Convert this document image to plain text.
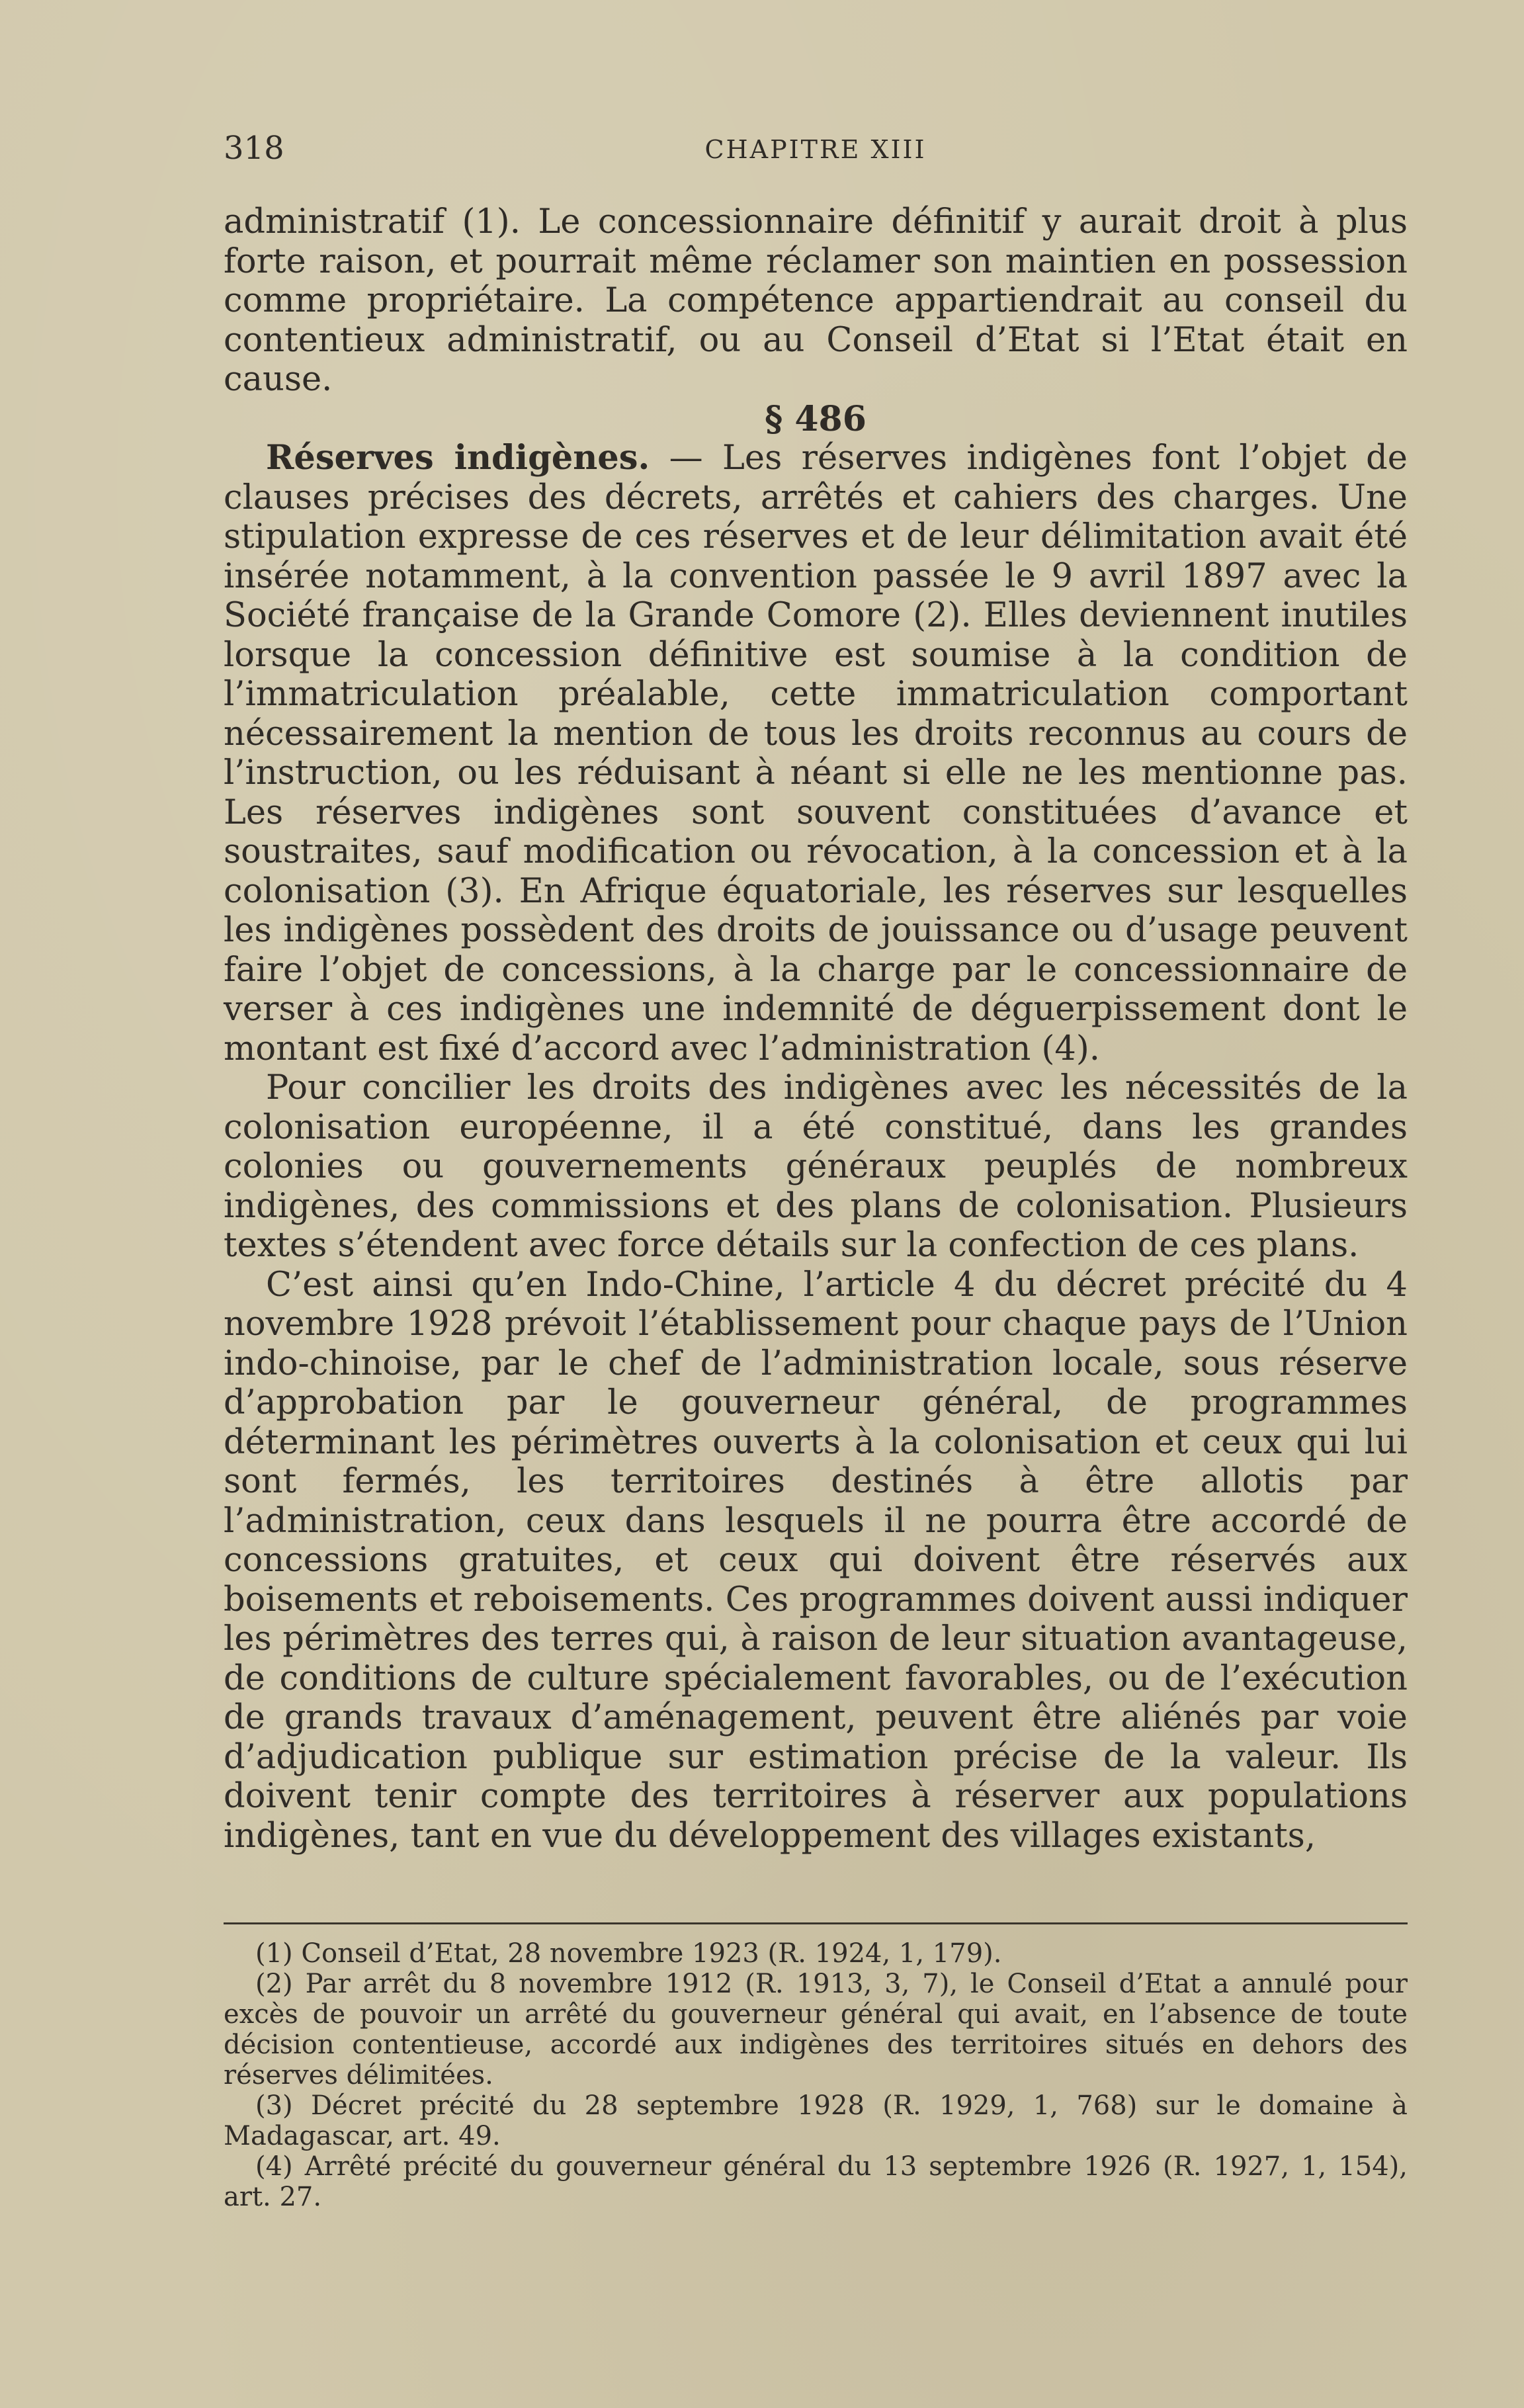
318	CHAPITRE XIII

administratif (1). Le concessionnaire définitif y aurait droit à plus forte raison, et pourrait même réclamer son maintien en possession comme propriétaire. La compétence appartiendrait au conseil du contentieux administratif, ou au Conseil d’Etat si l’Etat était en cause.

§ 486

Réserves indigènes. — Les réserves indigènes font l’objet de clauses précises des décrets, arrêtés et cahiers des charges. Une stipulation expresse de ces réserves et de leur délimitation avait été insérée notamment, à la convention passée le 9 avril 1897 avec la Société française de la Grande Comore (2). Elles deviennent inutiles lorsque la concession définitive est soumise à la condition de l’immatriculation préalable, cette immatriculation comportant nécessairement la mention de tous les droits reconnus au cours de l’instruction, ou les réduisant à néant si elle ne les mentionne pas. Les réserves indigènes sont souvent constituées d’avance et soustraites, sauf modification ou révocation, à la concession et à la colonisation (3). En Afrique équatoriale, les réserves sur lesquelles les indigènes possèdent des droits de jouissance ou d’usage peuvent faire l’objet de concessions, à la charge par le concessionnaire de verser à ces indigènes une indemnité de déguerpissement dont le montant est fixé d’accord avec l’administration (4).

Pour concilier les droits des indigènes avec les nécessités de la colonisation européenne, il a été constitué, dans les grandes colonies ou gouvernements généraux peuplés de nombreux indigènes, des commissions et des plans de colonisation. Plusieurs textes s’étendent avec force détails sur la confection de ces plans.

C’est ainsi qu’en Indo-Chine, l’article 4 du décret précité du 4 novembre 1928 prévoit l’établissement pour chaque pays de l’Union indo-chinoise, par le chef de l’administration locale, sous réserve d’approbation par le gouverneur général, de programmes déterminant les périmètres ouverts à la colonisation et ceux qui lui sont fermés, les territoires destinés à être allotis par l’administration, ceux dans lesquels il ne pourra être accordé de concessions gratuites, et ceux qui doivent être réservés aux boisements et reboisements. Ces programmes doivent aussi indiquer les périmètres des terres qui, à raison de leur situation avantageuse, de conditions de culture spécialement favorables, ou de l’exécution de grands travaux d’aménagement, peuvent être aliénés par voie d’adjudication publique sur estimation précise de la valeur. Ils doivent tenir compte des territoires à réserver aux populations indigènes, tant en vue du développement des villages existants,

(1) Conseil d’Etat, 28 novembre 1923 (R. 1924, 1, 179).

(2) Par arrêt du 8 novembre 1912 (R. 1913, 3, 7), le Conseil d’Etat a annulé pour excès de pouvoir un arrêté du gouverneur général qui avait, en l’absence de toute décision contentieuse, accordé aux indigènes des territoires situés en dehors des réserves délimitées.

(3) Décret précité du 28 septembre 1928 (R. 1929, 1, 768) sur le domaine à Madagascar, art. 49.

(4) Arrêté précité du gouverneur général du 13 septembre 1926 (R. 1927, 1, 154), art. 27.
